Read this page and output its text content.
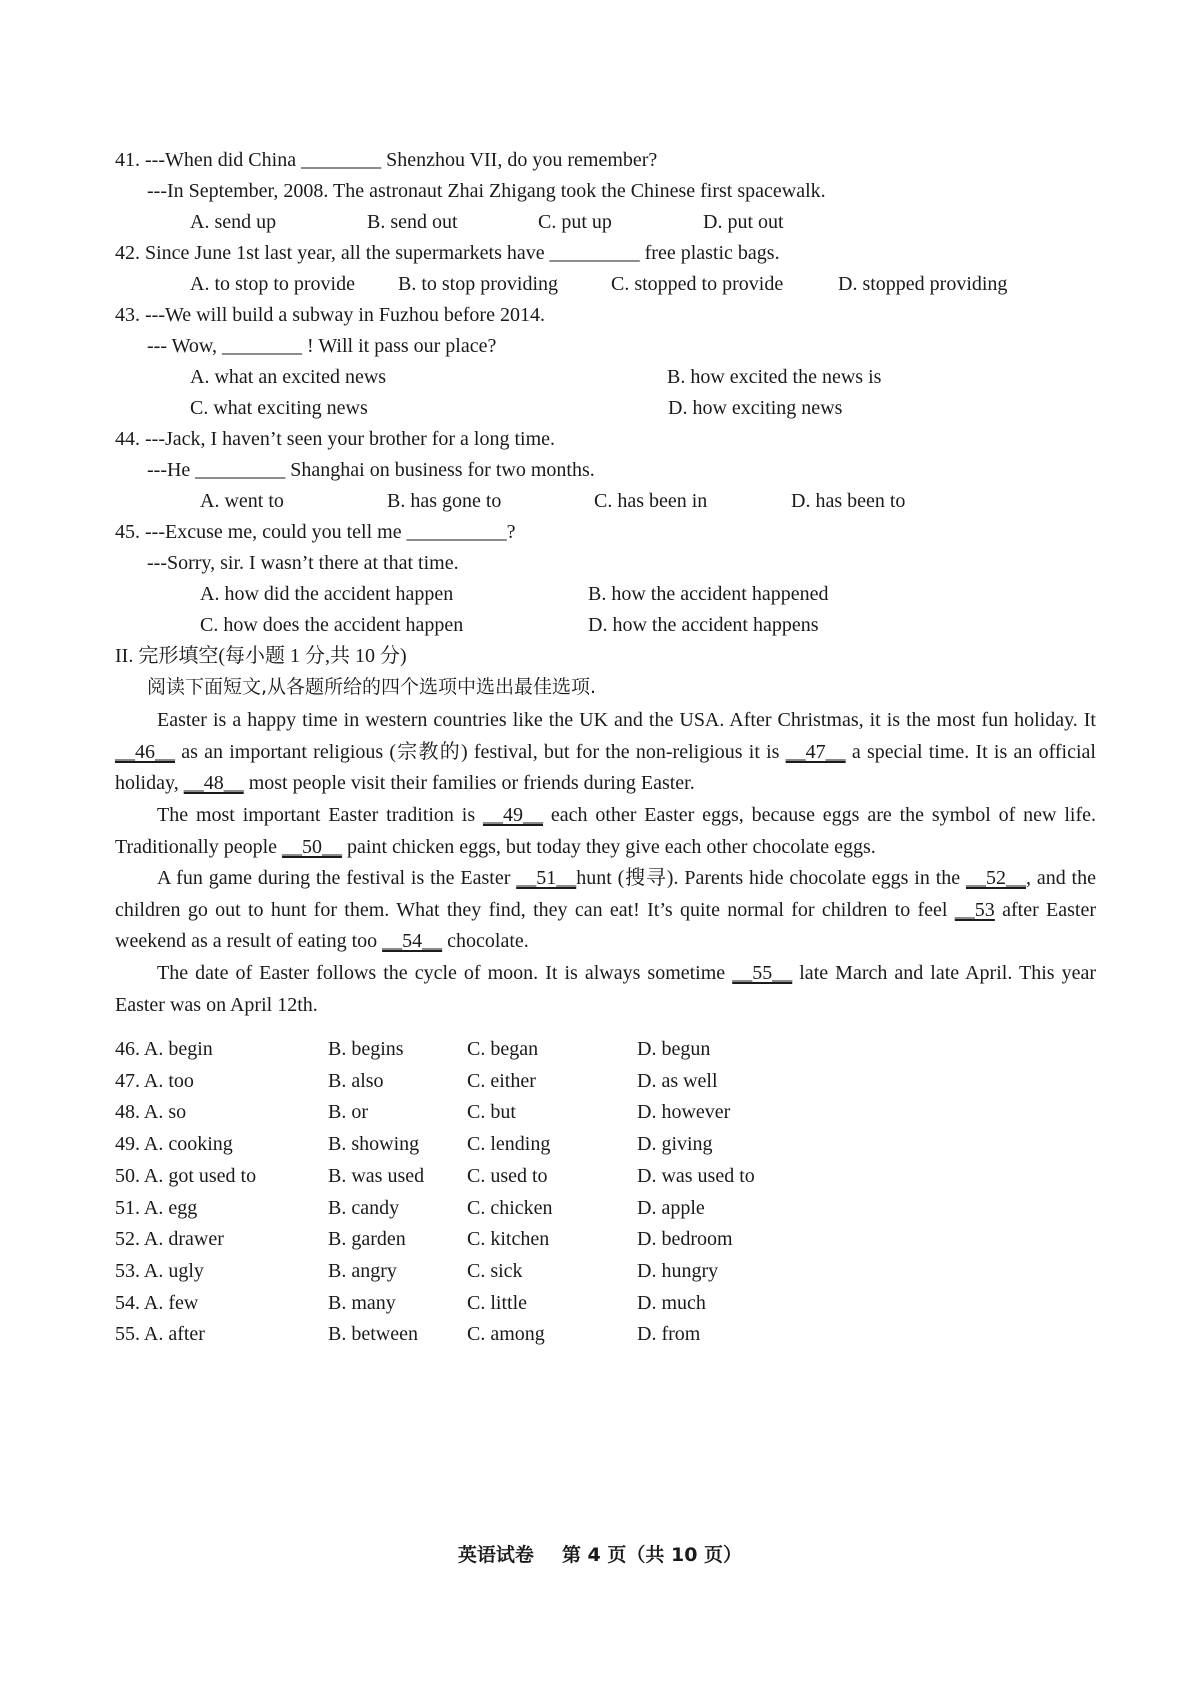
41. ---When did China ________ Shenzhou VII, do you remember?
---In September, 2008. The astronaut Zhai Zhigang took the Chinese first spacewalk.
A. send up	B. send out	C. put up	D. put out
42. Since June 1st last year, all the supermarkets have _________ free plastic bags.
A. to stop to provide B. to stop providing	C. stopped to provide	D. stopped providing
43. ---We will build a subway in Fuzhou before 2014.
--- Wow, ________ ! Will it pass our place?
A. what an excited news	B. how excited the news is
C. what exciting news	D. how exciting news
44. ---Jack, I haven’t seen your brother for a long time.
---He _________ Shanghai on business for two months.
A. went to	B. has gone to	C. has been in	D. has been to
45. ---Excuse me, could you tell me __________?
---Sorry, sir. I wasn’t there at that time.
A. how did the accident happen	B. how the accident happened
C. how does the accident happen	D. how the accident happens
II. 完形填空(每小题 1 分,共 10 分)
阅读下面短文,从各题所给的四个选项中选出最佳选项.
Easter is a happy time in western countries like the UK and the USA. After Christmas, it is the most fun holiday. It __46__ as an important religious (宗教的) festival, but for the non-religious it is __47__ a special time. It is an official holiday, __48__ most people visit their families or friends during Easter.
The most important Easter tradition is __49__ each other Easter eggs, because eggs are the symbol of new life. Traditionally people __50__ paint chicken eggs, but today they give each other chocolate eggs.
A fun game during the festival is the Easter __51__hunt (搜寻). Parents hide chocolate eggs in the __52__, and the children go out to hunt for them. What they find, they can eat! It’s quite normal for children to feel __53 after Easter weekend as a result of eating too __54__ chocolate.
The date of Easter follows the cycle of moon. It is always sometime __55__ late March and late April. This year Easter was on April 12th.
46. A. begin	B. begins	C. began	D. begun
47. A. too	B. also	C. either	D. as well
48. A. so	B. or	C. but	D. however
49. A. cooking	B. showing C. lending	D. giving
50. A. got used to	B. was used C. used to	D. was used to
51. A. egg	B. candy	C. chicken	D. apple
52. A. drawer	B. garden	C. kitchen	D. bedroom
53. A. ugly	B. angry	C. sick	D. hungry
54. A. few	B. many	C. little	D. much
55. A. after	B. between C. among	D. from
英语试卷 第 4 页（共 10 页）
